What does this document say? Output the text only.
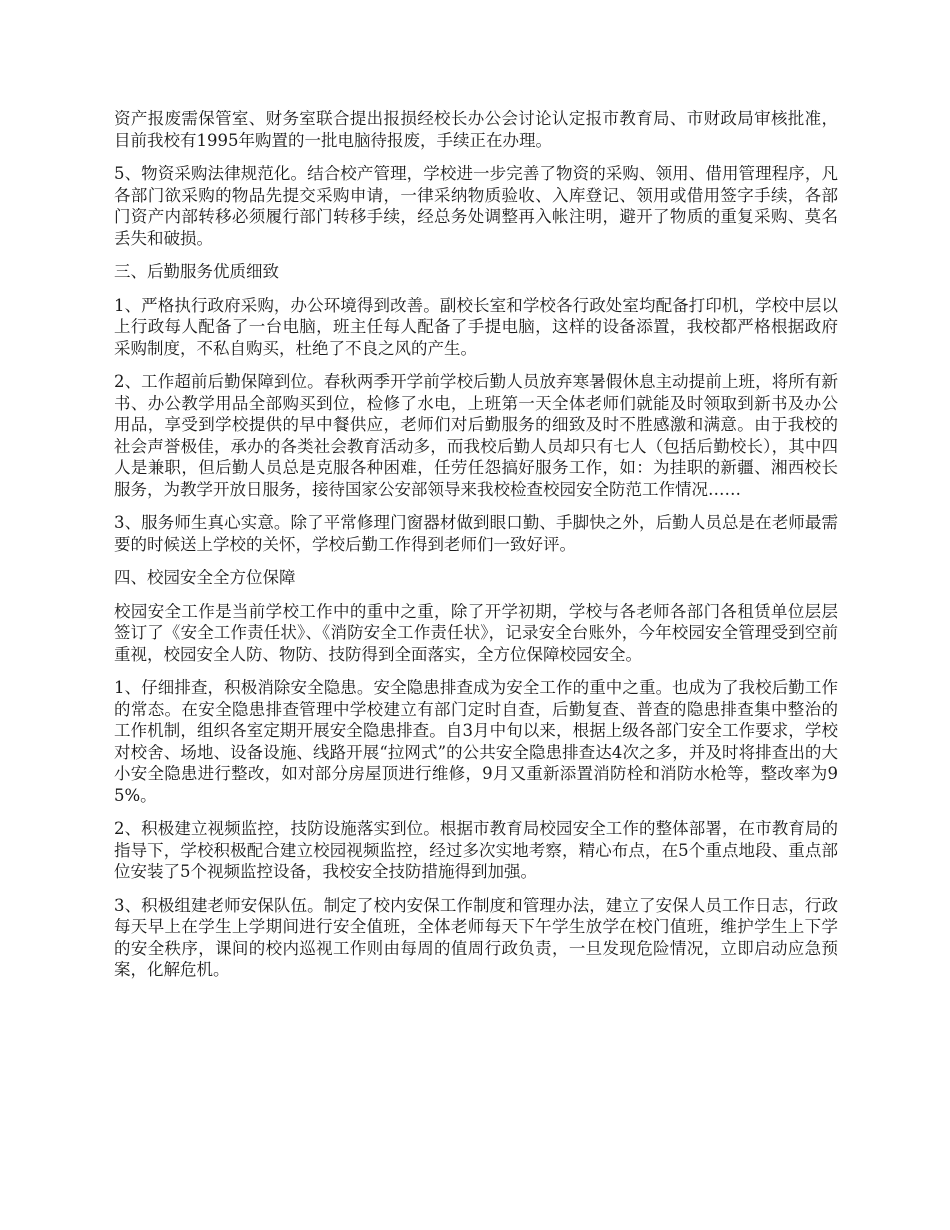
资产报废需保管室、财务室联合提出报损经校长办公会讨论认定报市教育局、市财政局审核批准，目前我校有1995年购置的一批电脑待报废，手续正在办理。

5、物资采购法律规范化。结合校产管理，学校进一步完善了物资的采购、领用、借用管理程序，凡各部门欲采购的物品先提交采购申请，一律采纳物质验收、入库登记、领用或借用签字手续，各部门资产内部转移必须履行部门转移手续，经总务处调整再入帐注明，避开了物质的重复采购、莫名丢失和破损。

三、后勤服务优质细致

1、严格执行政府采购，办公环境得到改善。副校长室和学校各行政处室均配备打印机，学校中层以上行政每人配备了一台电脑，班主任每人配备了手提电脑，这样的设备添置，我校都严格根据政府采购制度，不私自购买，杜绝了不良之风的产生。

2、工作超前后勤保障到位。春秋两季开学前学校后勤人员放弃寒暑假休息主动提前上班，将所有新书、办公教学用品全部购买到位，检修了水电，上班第一天全体老师们就能及时领取到新书及办公用品，享受到学校提供的早中餐供应，老师们对后勤服务的细致及时不胜感激和满意。由于我校的社会声誉极佳，承办的各类社会教育活动多，而我校后勤人员却只有七人（包括后勤校长），其中四人是兼职，但后勤人员总是克服各种困难，任劳任怨搞好服务工作，如：为挂职的新疆、湘西校长服务，为教学开放日服务，接待国家公安部领导来我校检查校园安全防范工作情况……

3、服务师生真心实意。除了平常修理门窗器材做到眼口勤、手脚快之外，后勤人员总是在老师最需要的时候送上学校的关怀，学校后勤工作得到老师们一致好评。

四、校园安全全方位保障

校园安全工作是当前学校工作中的重中之重，除了开学初期，学校与各老师各部门各租赁单位层层签订了《安全工作责任状》、《消防安全工作责任状》，记录安全台账外，今年校园安全管理受到空前重视，校园安全人防、物防、技防得到全面落实，全方位保障校园安全。

1、仔细排查，积极消除安全隐患。安全隐患排查成为安全工作的重中之重。也成为了我校后勤工作的常态。在安全隐患排查管理中学校建立有部门定时自查，后勤复查、普查的隐患排查集中整治的工作机制，组织各室定期开展安全隐患排查。自3月中旬以来，根据上级各部门安全工作要求，学校对校舍、场地、设备设施、线路开展“拉网式”的公共安全隐患排查达4次之多，并及时将排查出的大小安全隐患进行整改，如对部分房屋顶进行维修，9月又重新添置消防栓和消防水枪等，整改率为95%。

2、积极建立视频监控，技防设施落实到位。根据市教育局校园安全工作的整体部署，在市教育局的指导下，学校积极配合建立校园视频监控，经过多次实地考察，精心布点，在5个重点地段、重点部位安装了5个视频监控设备，我校安全技防措施得到加强。

3、积极组建老师安保队伍。制定了校内安保工作制度和管理办法，建立了安保人员工作日志，行政每天早上在学生上学期间进行安全值班，全体老师每天下午学生放学在校门值班，维护学生上下学的安全秩序，课间的校内巡视工作则由每周的值周行政负责，一旦发现危险情况，立即启动应急预案，化解危机。
